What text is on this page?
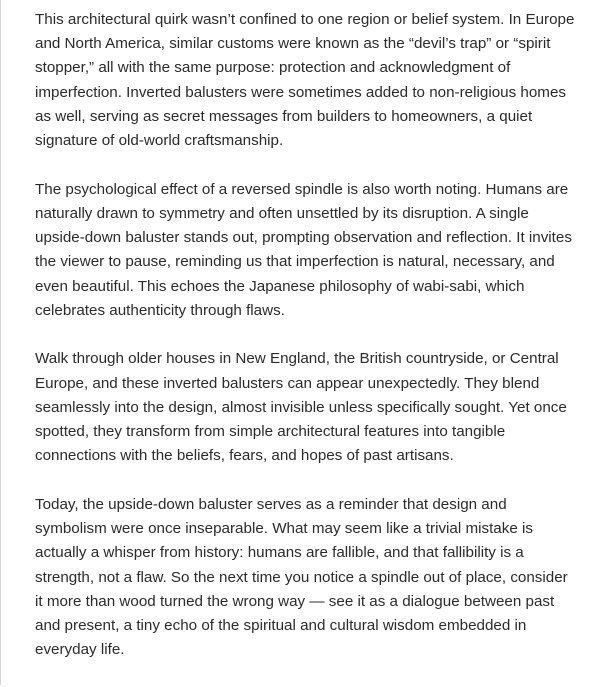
This architectural quirk wasn’t confined to one region or belief system. In Europe and North America, similar customs were known as the “devil’s trap” or “spirit stopper,” all with the same purpose: protection and acknowledgment of imperfection. Inverted balusters were sometimes added to non-religious homes as well, serving as secret messages from builders to homeowners, a quiet signature of old-world craftsmanship.

The psychological effect of a reversed spindle is also worth noting. Humans are naturally drawn to symmetry and often unsettled by its disruption. A single upside-down baluster stands out, prompting observation and reflection. It invites the viewer to pause, reminding us that imperfection is natural, necessary, and even beautiful. This echoes the Japanese philosophy of wabi-sabi, which celebrates authenticity through flaws.

Walk through older houses in New England, the British countryside, or Central Europe, and these inverted balusters can appear unexpectedly. They blend seamlessly into the design, almost invisible unless specifically sought. Yet once spotted, they transform from simple architectural features into tangible connections with the beliefs, fears, and hopes of past artisans.

Today, the upside-down baluster serves as a reminder that design and symbolism were once inseparable. What may seem like a trivial mistake is actually a whisper from history: humans are fallible, and that fallibility is a strength, not a flaw. So the next time you notice a spindle out of place, consider it more than wood turned the wrong way — see it as a dialogue between past and present, a tiny echo of the spiritual and cultural wisdom embedded in everyday life.
